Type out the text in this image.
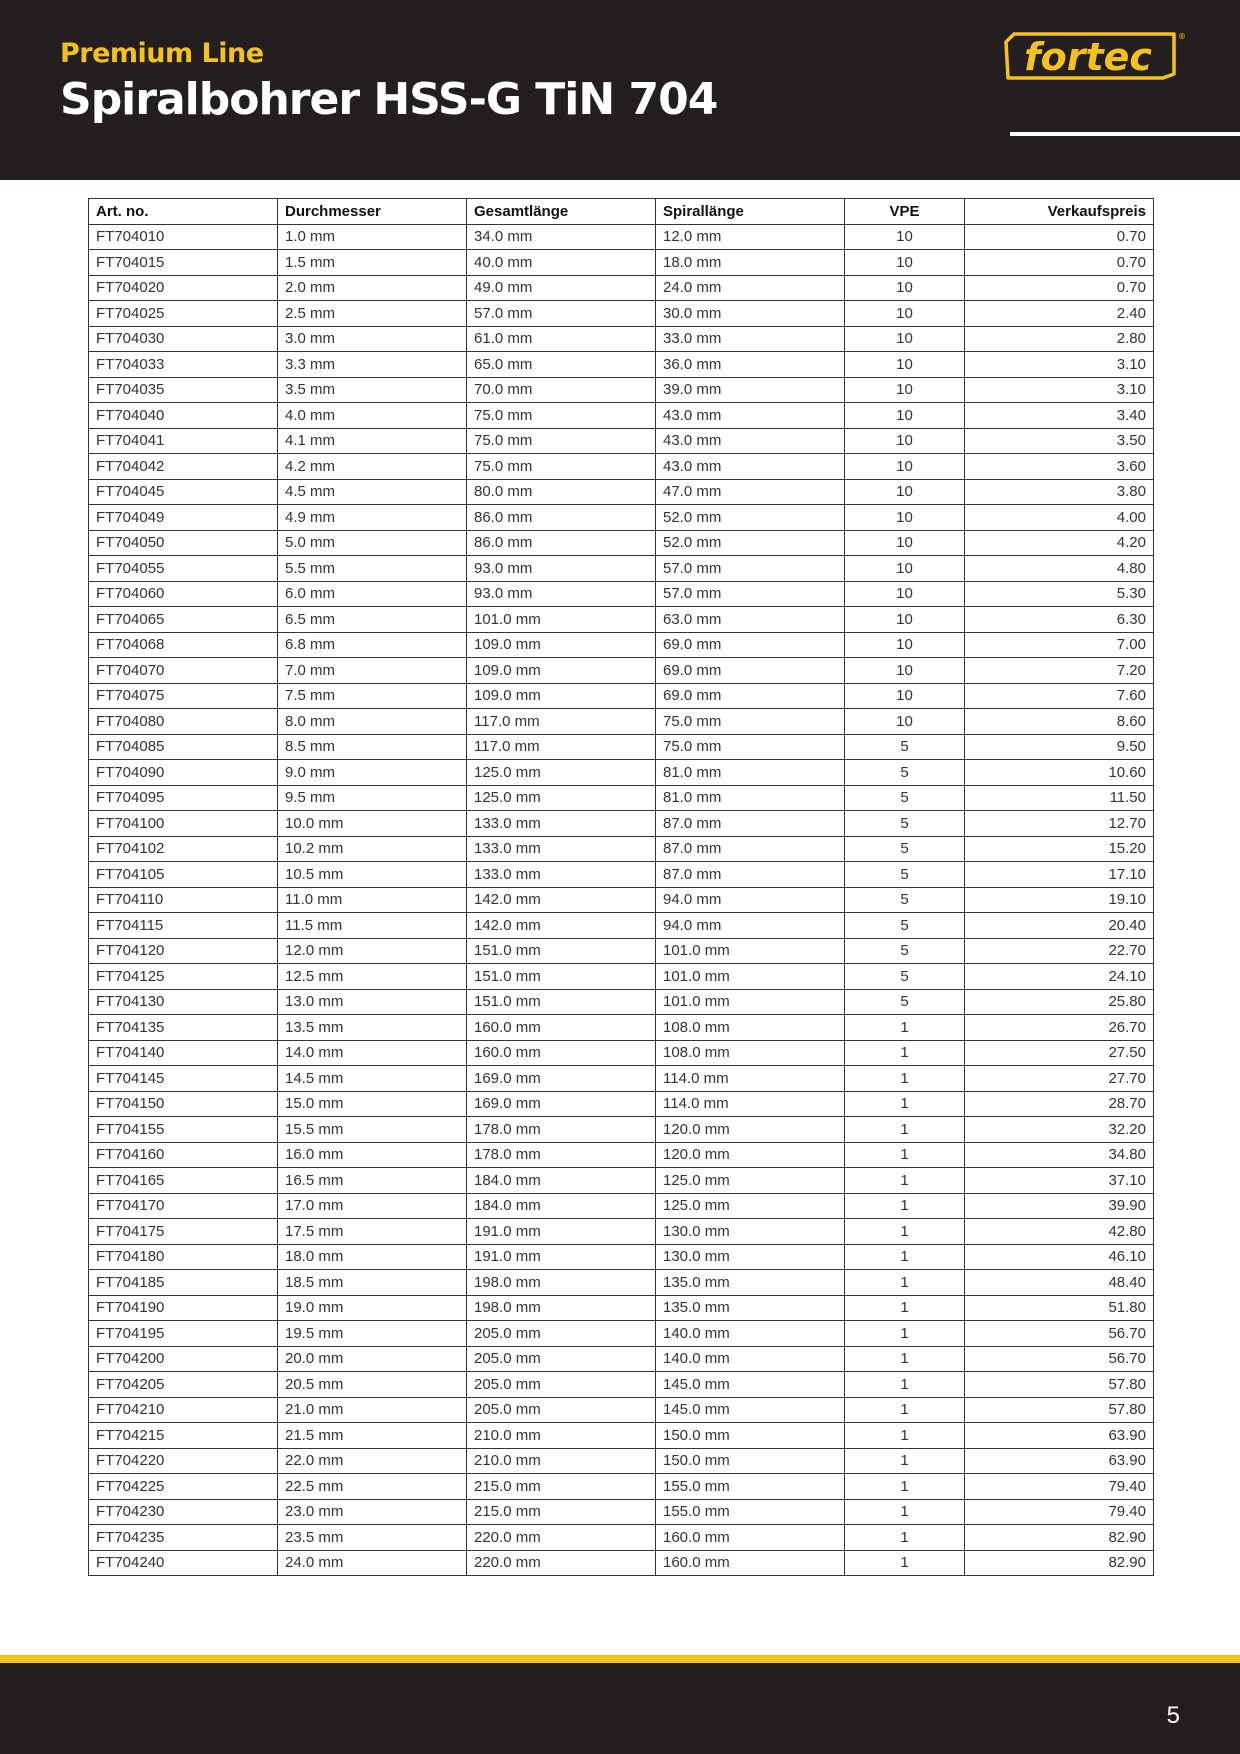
Premium Line
Spiralbohrer HSS-G TiN 704
fortec	®
Art. no.	Durchmesser	Gesamtlänge	Spirallänge	VPE	Verkaufspreis
FT704010	1.0 mm	34.0 mm	12.0 mm	10	0.70
FT704015	1.5 mm	40.0 mm	18.0 mm	10	0.70
FT704020	2.0 mm	49.0 mm	24.0 mm	10	0.70
FT704025	2.5 mm	57.0 mm	30.0 mm	10	2.40
FT704030	3.0 mm	61.0 mm	33.0 mm	10	2.80
FT704033	3.3 mm	65.0 mm	36.0 mm	10	3.10
FT704035	3.5 mm	70.0 mm	39.0 mm	10	3.10
FT704040	4.0 mm	75.0 mm	43.0 mm	10	3.40
FT704041	4.1 mm	75.0 mm	43.0 mm	10	3.50
FT704042	4.2 mm	75.0 mm	43.0 mm	10	3.60
FT704045	4.5 mm	80.0 mm	47.0 mm	10	3.80
FT704049	4.9 mm	86.0 mm	52.0 mm	10	4.00
FT704050	5.0 mm	86.0 mm	52.0 mm	10	4.20
FT704055	5.5 mm	93.0 mm	57.0 mm	10	4.80
FT704060	6.0 mm	93.0 mm	57.0 mm	10	5.30
FT704065	6.5 mm	101.0 mm	63.0 mm	10	6.30
FT704068	6.8 mm	109.0 mm	69.0 mm	10	7.00
FT704070	7.0 mm	109.0 mm	69.0 mm	10	7.20
FT704075	7.5 mm	109.0 mm	69.0 mm	10	7.60
FT704080	8.0 mm	117.0 mm	75.0 mm	10	8.60
FT704085	8.5 mm	117.0 mm	75.0 mm	5	9.50
FT704090	9.0 mm	125.0 mm	81.0 mm	5	10.60
FT704095	9.5 mm	125.0 mm	81.0 mm	5	11.50
FT704100	10.0 mm	133.0 mm	87.0 mm	5	12.70
FT704102	10.2 mm	133.0 mm	87.0 mm	5	15.20
FT704105	10.5 mm	133.0 mm	87.0 mm	5	17.10
FT704110	11.0 mm	142.0 mm	94.0 mm	5	19.10
FT704115	11.5 mm	142.0 mm	94.0 mm	5	20.40
FT704120	12.0 mm	151.0 mm	101.0 mm	5	22.70
FT704125	12.5 mm	151.0 mm	101.0 mm	5	24.10
FT704130	13.0 mm	151.0 mm	101.0 mm	5	25.80
FT704135	13.5 mm	160.0 mm	108.0 mm	1	26.70
FT704140	14.0 mm	160.0 mm	108.0 mm	1	27.50
FT704145	14.5 mm	169.0 mm	114.0 mm	1	27.70
FT704150	15.0 mm	169.0 mm	114.0 mm	1	28.70
FT704155	15.5 mm	178.0 mm	120.0 mm	1	32.20
FT704160	16.0 mm	178.0 mm	120.0 mm	1	34.80
FT704165	16.5 mm	184.0 mm	125.0 mm	1	37.10
FT704170	17.0 mm	184.0 mm	125.0 mm	1	39.90
FT704175	17.5 mm	191.0 mm	130.0 mm	1	42.80
FT704180	18.0 mm	191.0 mm	130.0 mm	1	46.10
FT704185	18.5 mm	198.0 mm	135.0 mm	1	48.40
FT704190	19.0 mm	198.0 mm	135.0 mm	1	51.80
FT704195	19.5 mm	205.0 mm	140.0 mm	1	56.70
FT704200	20.0 mm	205.0 mm	140.0 mm	1	56.70
FT704205	20.5 mm	205.0 mm	145.0 mm	1	57.80
FT704210	21.0 mm	205.0 mm	145.0 mm	1	57.80
FT704215	21.5 mm	210.0 mm	150.0 mm	1	63.90
FT704220	22.0 mm	210.0 mm	150.0 mm	1	63.90
FT704225	22.5 mm	215.0 mm	155.0 mm	1	79.40
FT704230	23.0 mm	215.0 mm	155.0 mm	1	79.40
FT704235	23.5 mm	220.0 mm	160.0 mm	1	82.90
FT704240	24.0 mm	220.0 mm	160.0 mm	1	82.90
5
